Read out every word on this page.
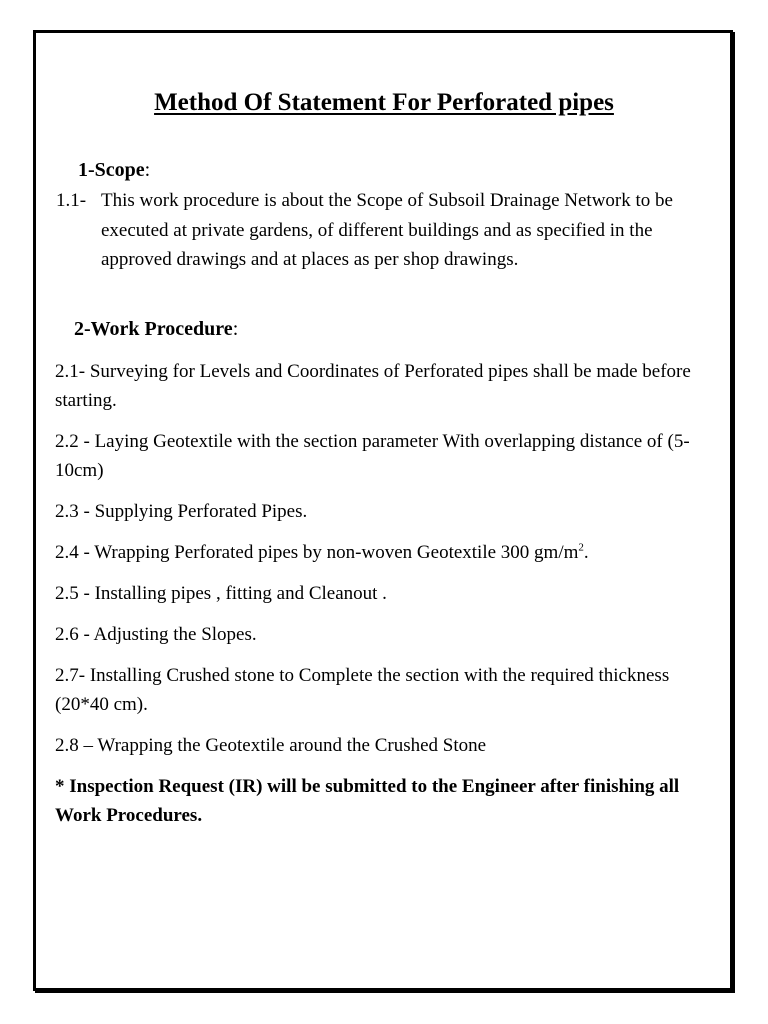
Method Of Statement For Perforated pipes

1-Scope:

1.1- This work procedure is about the Scope of Subsoil Drainage Network to be executed at private gardens, of different buildings and as specified in the approved drawings and at places as per shop drawings.

2-Work Procedure:

2.1- Surveying for Levels and Coordinates of Perforated pipes shall be made before starting.

2.2 - Laying Geotextile with the section parameter With overlapping distance of (5-10cm)

2.3 - Supplying Perforated Pipes.

2.4 - Wrapping Perforated pipes by non-woven Geotextile 300 $gm/m^2$.

2.5 - Installing pipes , fitting and Cleanout .

2.6 - Adjusting the Slopes.

2.7- Installing Crushed stone to Complete the section with the required thickness (20*40 cm).

2.8 – Wrapping the Geotextile around the Crushed Stone

* Inspection Request (IR) will be submitted to the Engineer after finishing all Work Procedures.
